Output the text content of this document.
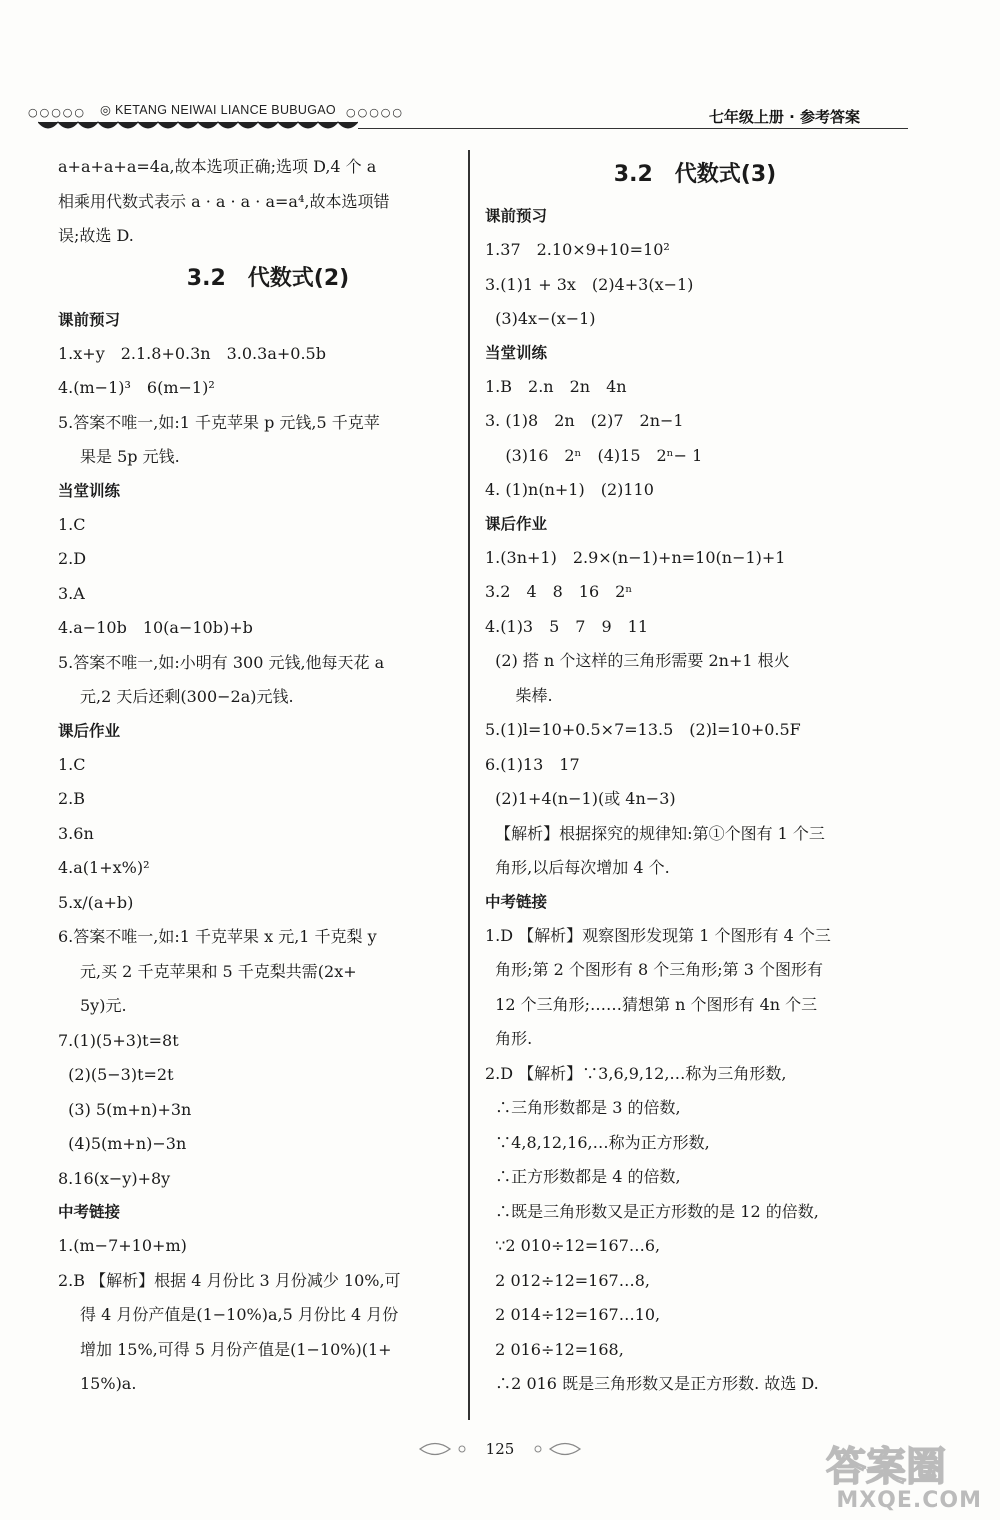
○○○○○ ◎ KETANG NEIWAI LIANCE BUBUGAO ○○○○○	七年级上册 · 参考答案
a+a+a+a=4a,故本选项正确;选项 D,4 个 a
相乘用代数式表示 a · a · a · a=a⁴,故本选项错
误;故选 D.
3.2　代数式(2)
课前预习
1.x+y　2.1.8+0.3n　3.0.3a+0.5b
4.(m−1)³　6(m−1)²
5.答案不唯一,如:1 千克苹果 p 元钱,5 千克苹
果是 5p 元钱.
当堂训练
1.C
2.D
3.A
4.a−10b　10(a−10b)+b
5.答案不唯一,如:小明有 300 元钱,他每天花 a
元,2 天后还剩(300−2a)元钱.
课后作业
1.C
2.B
3.6n
4.a(1+x%)²
5.x/(a+b)
6.答案不唯一,如:1 千克苹果 x 元,1 千克梨 y
元,买 2 千克苹果和 5 千克梨共需(2x+
5y)元.
7.(1)(5+3)t=8t
(2)(5−3)t=2t
(3) 5(m+n)+3n
(4)5(m+n)−3n
8.16(x−y)+8y
中考链接
1.(m−7+10+m)
2.B 【解析】根据 4 月份比 3 月份减少 10%,可
得 4 月份产值是(1−10%)a,5 月份比 4 月份
增加 15%,可得 5 月份产值是(1−10%)(1+
15%)a.
3.2　代数式(3)
课前预习
1.37　2.10×9+10=10²
3.(1)1 + 3x　(2)4+3(x−1)
(3)4x−(x−1)
当堂训练
1.B　2.n　2n　4n
3. (1)8　2n　(2)7　2n−1
(3)16　2ⁿ　(4)15　2ⁿ− 1
4. (1)n(n+1)　(2)110
课后作业
1.(3n+1)　2.9×(n−1)+n=10(n−1)+1
3.2　4　8　16　2ⁿ
4.(1)3　5　7　9　11
(2) 搭 n 个这样的三角形需要 2n+1 根火
柴棒.
5.(1)l=10+0.5×7=13.5　(2)l=10+0.5F
6.(1)13　17
(2)1+4(n−1)(或 4n−3)
【解析】根据探究的规律知:第①个图有 1 个三
角形,以后每次增加 4 个.
中考链接
1.D 【解析】观察图形发现第 1 个图形有 4 个三
角形;第 2 个图形有 8 个三角形;第 3 个图形有
12 个三角形;……猜想第 n 个图形有 4n 个三
角形.
2.D 【解析】∵3,6,9,12,…称为三角形数,
∴三角形数都是 3 的倍数,
∵4,8,12,16,…称为正方形数,
∴正方形数都是 4 的倍数,
∴既是三角形数又是正方形数的是 12 的倍数,
∵2 010÷12=167…6,
2 012÷12=167…8,
2 014÷12=167…10,
2 016÷12=168,
∴2 016 既是三角形数又是正方形数. 故选 D.
125	答案圈
MXQE.COM
